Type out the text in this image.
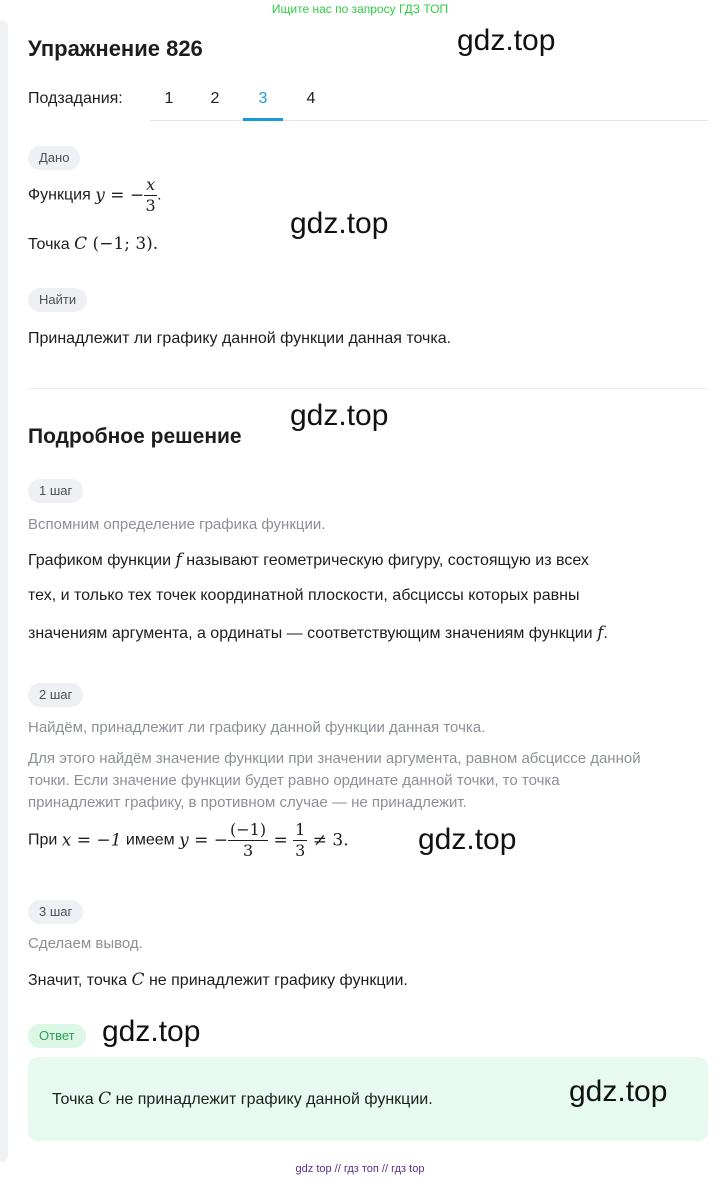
Ищите нас по запросу ГДЗ ТОП
Упражнение 826	gdz.top
Подзадания:	1	2	3	4
Дано
Функция y = − $\frac{x}{3}$ .
Точка C (−1; 3).
gdz.top
Найти
Принадлежит ли графику данной функции данная точка.
gdz.top
Подробное решение
1 шаг
Вспомним определение графика функции.
Графиком функции f называют геометрическую фигуру, состоящую из всех
тех, и только тех точек координатной плоскости, абсциссы которых равны
значениям аргумента, а ординаты — соответствующим значениям функции f.
2 шаг
Найдём, принадлежит ли графику данной функции данная точка.
Для этого найдём значение функции при значении аргумента, равном абсциссе данной
точки. Если значение функции будет равно ординате данной точки, то точка
принадлежит графику, в противном случае — не принадлежит.
При x = −1 имеем y = − $\frac{(-1)}{3} = \frac{1}{3} \ne 3$. gdz.top
3 шаг
Сделаем вывод.
Значит, точка C не принадлежит графику функции.
Ответ gdz.top
Точка C не принадлежит графику данной функции.	gdz.top
gdz top // гдз топ // гдз top
